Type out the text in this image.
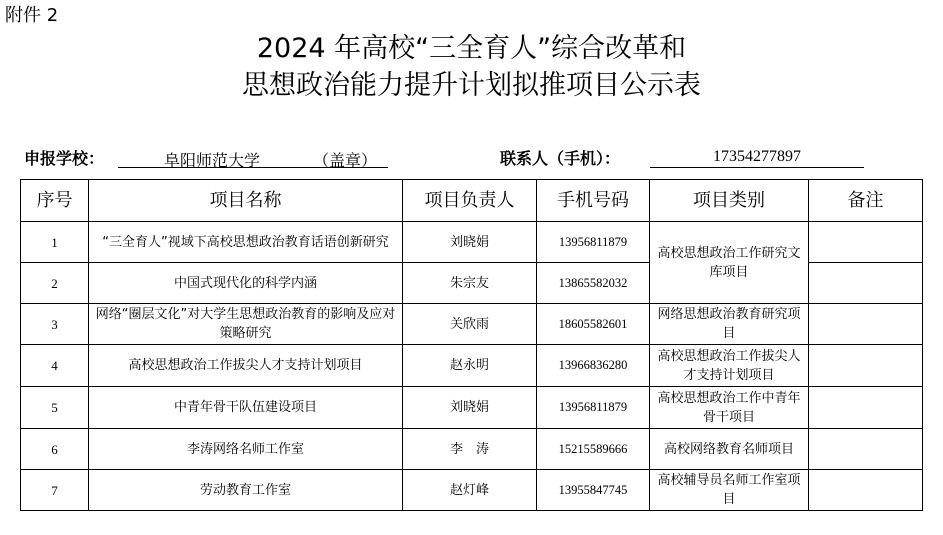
附件 2
2024 年高校“三全育人”综合改革和
思想政治能力提升计划拟推项目公示表
申报学校：	阜阳师范大学	（盖章）	联系人（手机）：	17354277897
序号	项目名称	项目负责人	手机号码	项目类别	备注
1	“三全育人”视域下高校思想政治教育话语创新研究	刘晓娟	13956811879	高校思想政治工作研究文库项目	
2	中国式现代化的科学内涵	朱宗友	13865582032		
3	网络“圈层文化”对大学生思想政治教育的影响及应对策略研究	关欣雨	18605582601	网络思想政治教育研究项目	
4	高校思想政治工作拔尖人才支持计划项目	赵永明	13966836280	高校思想政治工作拔尖人才支持计划项目	
5	中青年骨干队伍建设项目	刘晓娟	13956811879	高校思想政治工作中青年骨干项目	
6	李涛网络名师工作室	李　涛	15215589666	高校网络教育名师项目	
7	劳动教育工作室	赵灯峰	13955847745	高校辅导员名师工作室项目	
